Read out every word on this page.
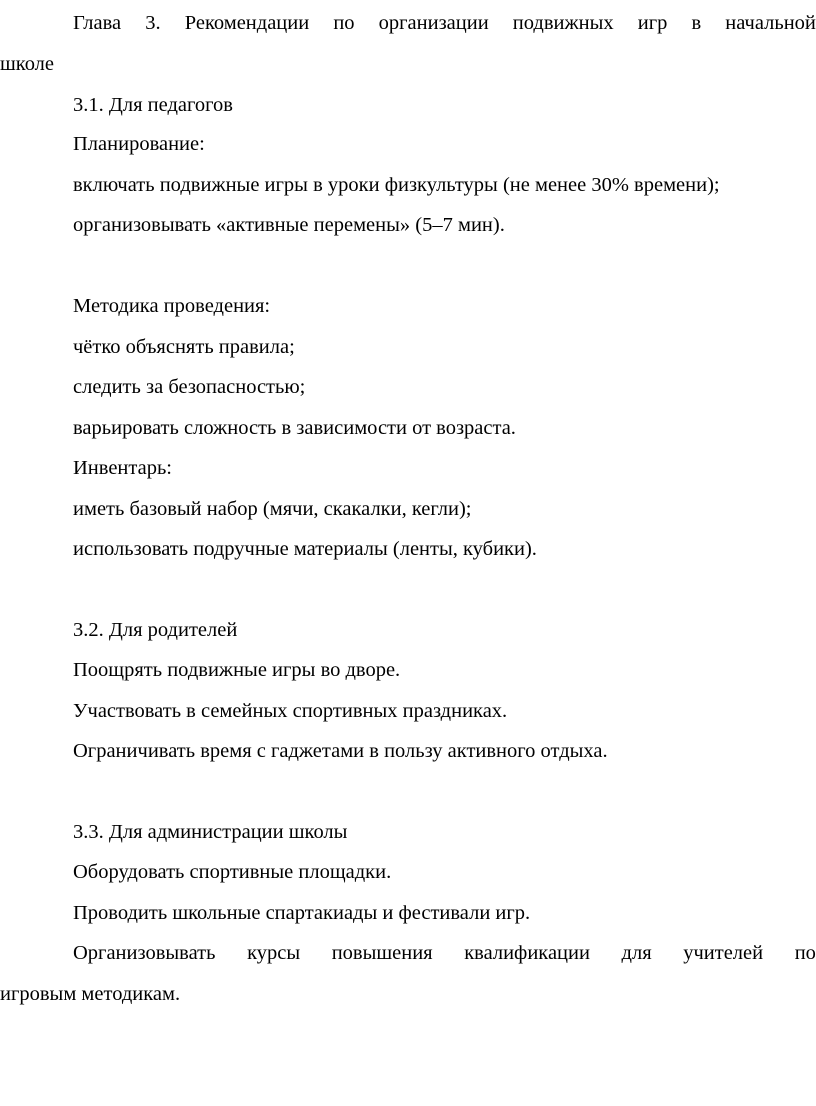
Глава 3. Рекомендации по организации подвижных игр в начальной
школе
3.1. Для педагогов
Планирование:
включать подвижные игры в уроки физкультуры (не менее 30% времени);
организовывать «активные перемены» (5–7 мин).
Методика проведения:
чётко объяснять правила;
следить за безопасностью;
варьировать сложность в зависимости от возраста.
Инвентарь:
иметь базовый набор (мячи, скакалки, кегли);
использовать подручные материалы (ленты, кубики).
3.2. Для родителей
Поощрять подвижные игры во дворе.
Участвовать в семейных спортивных праздниках.
Ограничивать время с гаджетами в пользу активного отдыха.
3.3. Для администрации школы
Оборудовать спортивные площадки.
Проводить школьные спартакиады и фестивали игр.
Организовывать курсы повышения квалификации для учителей по
игровым методикам.
